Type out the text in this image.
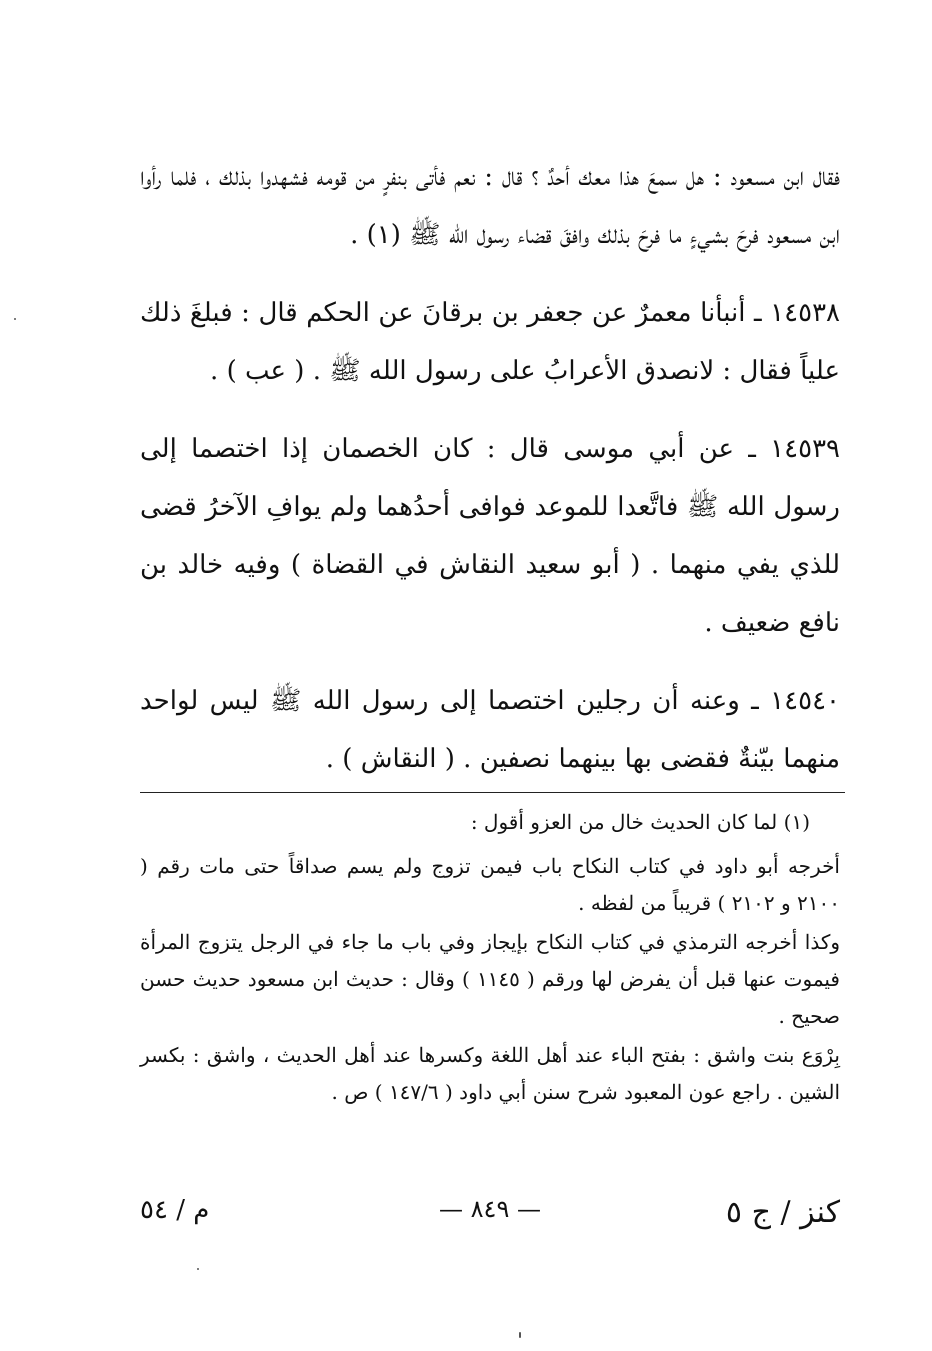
فقال ابن مسعود : هل سمعَ هذا معك أحدٌ ؟ قال : نعم فأتى بنفرٍ من قومه فشهدوا بذلك ، فلما رأوا ابن مسعود فرحَ بشيءٍ ما فرحَ بذلك وافقَ قضاء رسول الله ﷺ (١) .

١٤٥٣٨ ـ أنبأنا معمرٌ عن جعفر بن برقانَ عن الحكم قال : فبلغَ ذلك علياً فقال : لانصدق الأعرابُ على رسول الله ﷺ . ( عب ) .

١٤٥٣٩ ـ عن أبي موسى قال : كان الخصمان إذا اختصما إلى رسول الله ﷺ فاتَّعدا للموعد فوافى أحدُهما ولم يوافِ الآخرُ قضى للذي يفي منهما . ( أبو سعيد النقاش في القضاة ) وفيه خالد بن نافع ضعيف .

١٤٥٤٠ ـ وعنه أن رجلين اختصما إلى رسول الله ﷺ ليس لواحد منهما بيّنةٌ فقضى بها بينهما نصفين . ( النقاش ) .

(١) لما كان الحديث خال من العزو أقول :

أخرجه أبو داود في كتاب النكاح باب فيمن تزوج ولم يسم صداقاً حتى مات رقم ( ٢١٠٠ و ٢١٠٢ ) قريباً من لفظه .

وكذا أخرجه الترمذي في كتاب النكاح بإيجاز وفي باب ما جاء في الرجل يتزوج المرأة فيموت عنها قبل أن يفرض لها ورقم ( ١١٤٥ ) وقال : حديث ابن مسعود حديث حسن صحيح .

بِرْوَع بنت واشق : بفتح الباء عند أهل اللغة وكسرها عند أهل الحديث ، واشق : بكسر الشين . راجع عون المعبود شرح سنن أبي داود ( ١٤٧/٦ ) ص .

كنز / ج ٥
— ٨٤٩ —
م / ٥٤
